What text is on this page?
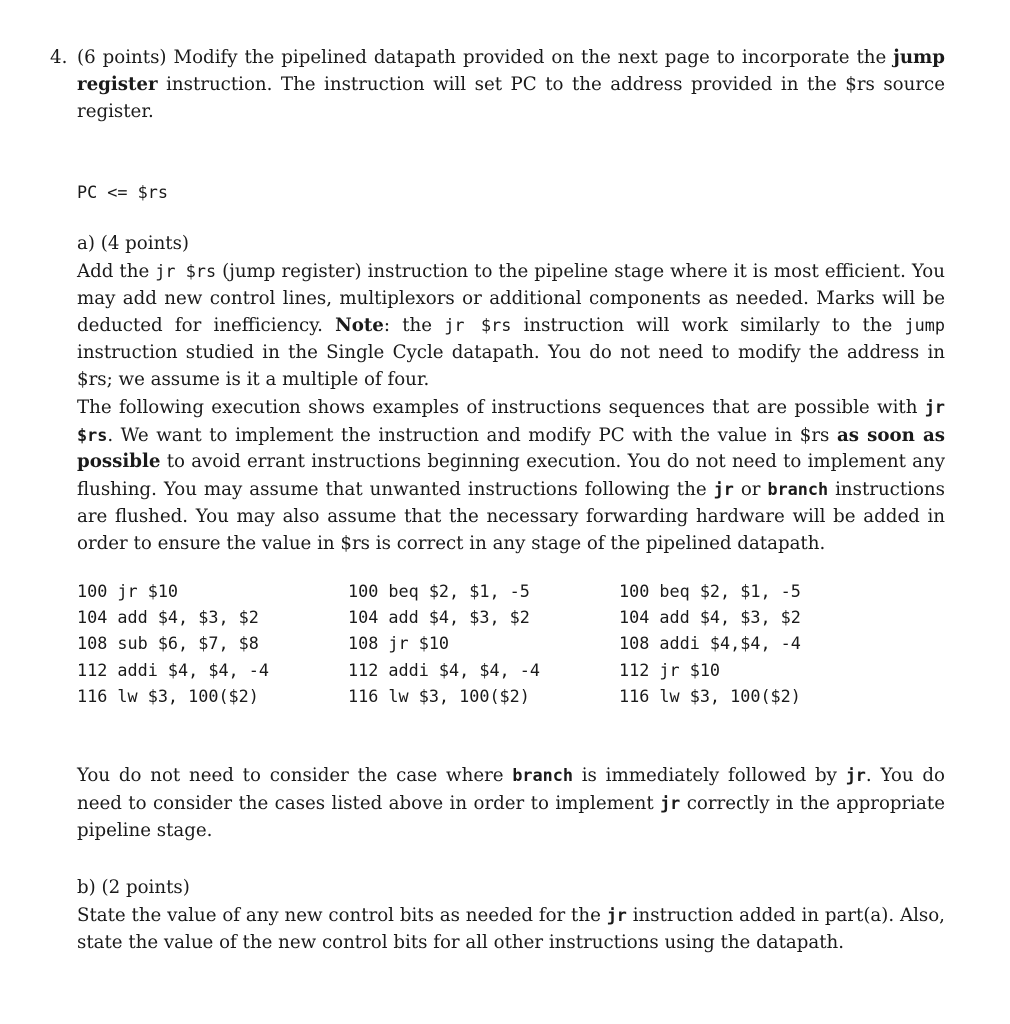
4. (6 points) Modify the pipelined datapath provided on the next page to incorporate the jump register instruction. The instruction will set PC to the address provided in the $rs source register.
PC <= $rs

a) (4 points)

Add the jr $rs (jump register) instruction to the pipeline stage where it is most efficient. You may add new control lines, multiplexors or additional components as needed. Marks will be deducted for inefficiency. Note: the jr $rs instruction will work similarly to the jump instruction studied in the Single Cycle datapath. You do not need to modify the address in $rs; we assume is it a multiple of four.

The following execution shows examples of instructions sequences that are possible with jr $rs. We want to implement the instruction and modify PC with the value in $rs as soon as possible to avoid errant instructions beginning execution. You do not need to implement any flushing. You may assume that unwanted instructions following the jr or branch instructions are flushed. You may also assume that the necessary forwarding hardware will be added in order to ensure the value in $rs is correct in any stage of the pipelined datapath.

100 jr $10
104 add $4, $3, $2
108 sub $6, $7, $8
112 addi $4, $4, -4
116 lw $3, 100($2)
100 beq $2, $1, -5
104 add $4, $3, $2
108 jr $10
112 addi $4, $4, -4
116 lw $3, 100($2)
100 beq $2, $1, -5
104 add $4, $3, $2
108 addi $4,$4, -4
112 jr $10
116 lw $3, 100($2)
You do not need to consider the case where branch is immediately followed by jr. You do need to consider the cases listed above in order to implement jr correctly in the appropriate pipeline stage.

b) (2 points)

State the value of any new control bits as needed for the jr instruction added in part(a). Also, state the value of the new control bits for all other instructions using the datapath.
